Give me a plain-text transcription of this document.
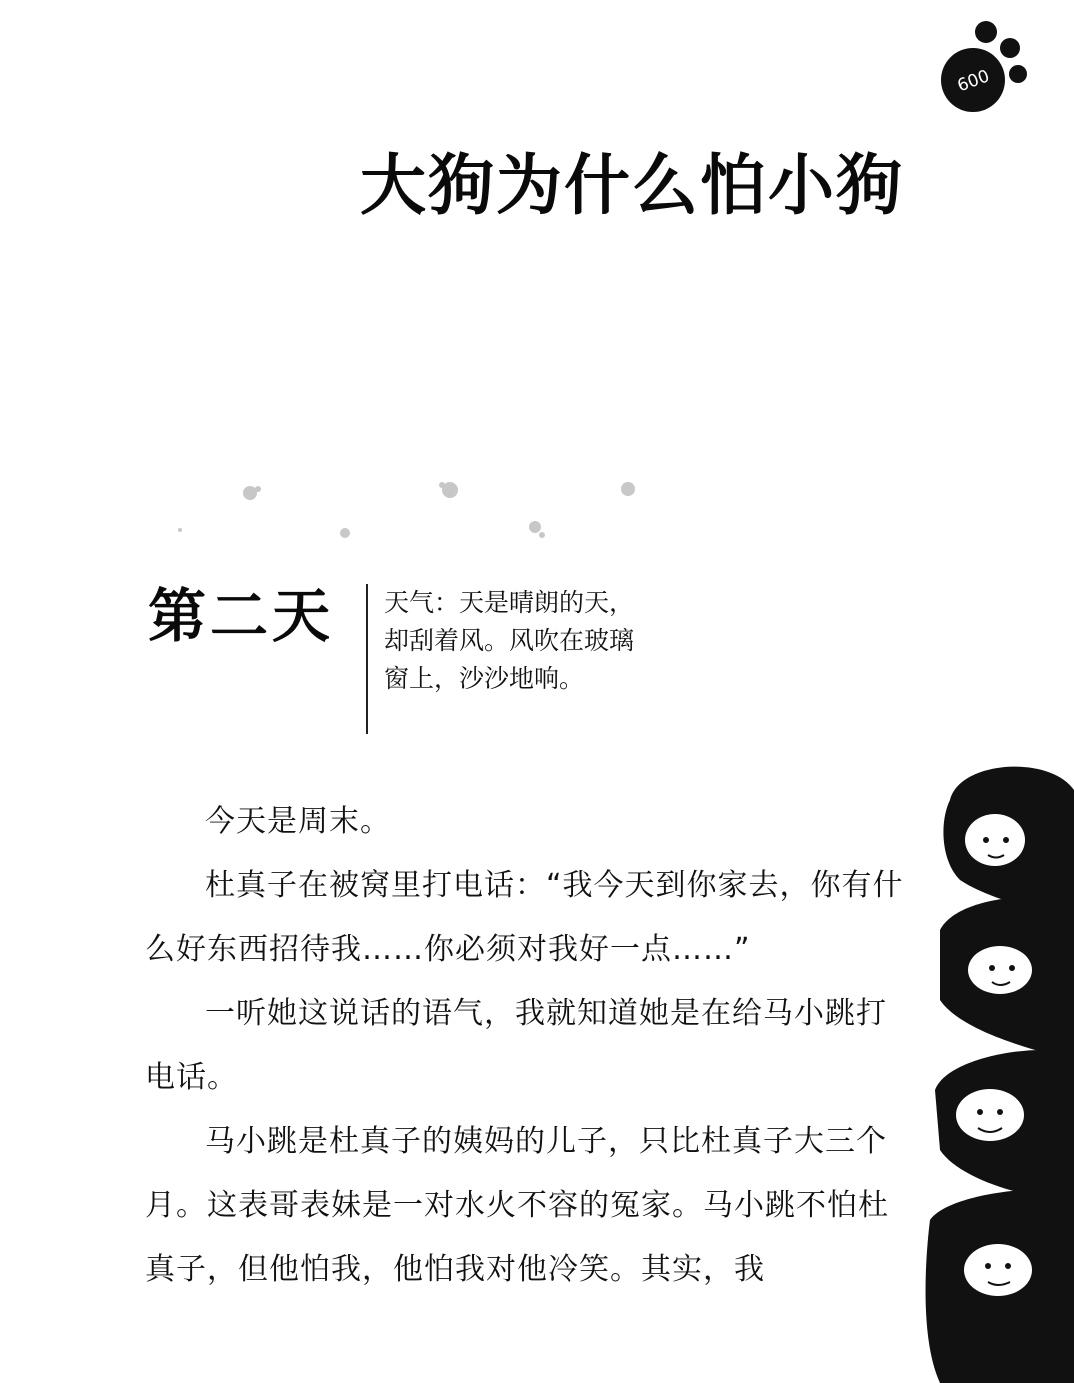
009
大狗为什么怕小狗
第二天 天气：天是晴朗的天，

却刮着风。风吹在玻璃

窗上，沙沙地响。

今天是周末。

杜真子在被窝里打电话：“我今天到你家去，你有什么好东西招待我……你必须对我好一点……”

一听她这说话的语气，我就知道她是在给马小跳打电话。

马小跳是杜真子的姨妈的儿子，只比杜真子大三个月。这表哥表妹是一对水火不容的冤家。马小跳不怕杜真子，但他怕我，他怕我对他冷笑。其实，我
